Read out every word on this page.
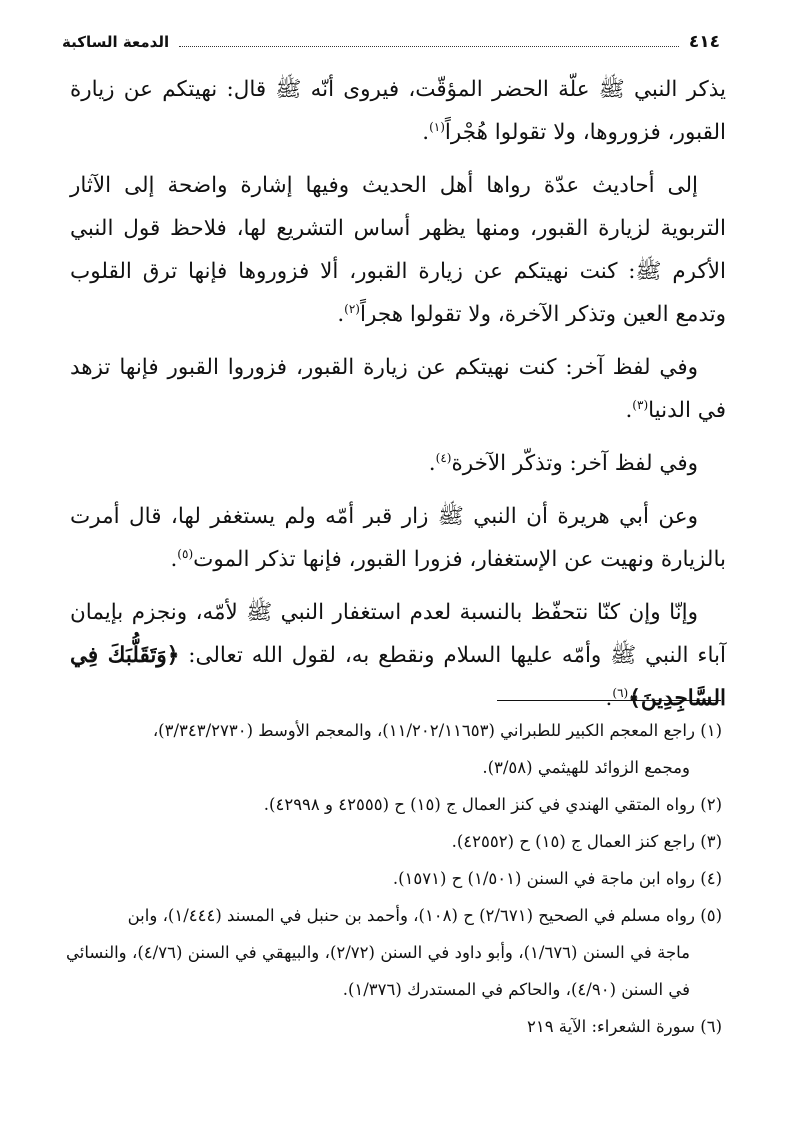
٤١٤
الدمعة الساكبة

يذكر النبي ﷺ علّة الحضر المؤقّت، فيروى أنّه ﷺ قال: نهيتكم عن زيارة القبور، فزوروها، ولا تقولوا هُجْراً$^{(١)}$.

إلى أحاديث عدّة رواها أهل الحديث وفيها إشارة واضحة إلى الآثار التربوية لزيارة القبور، ومنها يظهر أساس التشريع لها، فلاحظ قول النبي الأكرم ﷺ: كنت نهيتكم عن زيارة القبور، ألا فزوروها فإنها ترق القلوب وتدمع العين وتذكر الآخرة، ولا تقولوا هجراً$^{(٢)}$.

وفي لفظ آخر: كنت نهيتكم عن زيارة القبور، فزوروا القبور فإنها تزهد في الدنيا$^{(٣)}$.

وفي لفظ آخر: وتذكّر الآخرة$^{(٤)}$.

وعن أبي هريرة أن النبي ﷺ زار قبر أمّه ولم يستغفر لها، قال أمرت بالزيارة ونهيت عن الإستغفار، فزورا القبور، فإنها تذكر الموت$^{(٥)}$.

وإنّا وإن كنّا نتحفّظ بالنسبة لعدم استغفار النبي ﷺ لأمّه، ونجزم بإيمان آباء النبي ﷺ وأمّه عليها السلام ونقطع به، لقول الله تعالى: ﴿وَتَقَلُّبَكَ فِي السَّاجِدِينَ﴾$^{(٦)}$.

(١) راجع المعجم الكبير للطبراني (١١/٢٠٢/١١٦٥٣)، والمعجم الأوسط (٣/٣٤٣/٢٧٣٠)،
ومجمع الزوائد للهيثمي (٣/٥٨).

(٢) رواه المتقي الهندي في كنز العمال ج (١٥) ح (٤٢٥٥٥ و ٤٢٩٩٨).

(٣) راجع كنز العمال ج (١٥) ح (٤٢٥٥٢).

(٤) رواه ابن ماجة في السنن (١/٥٠١) ح (١٥٧١).

(٥) رواه مسلم في الصحيح (٢/٦٧١) ح (١٠٨)، وأحمد بن حنبل في المسند (١/٤٤٤)، وابن
ماجة في السنن (١/٦٧٦)، وأبو داود في السنن (٢/٧٢)، والبيهقي في السنن (٤/٧٦)، والنسائي في السنن (٤/٩٠)، والحاكم في المستدرك (١/٣٧٦).

(٦) سورة الشعراء: الآية ٢١٩
